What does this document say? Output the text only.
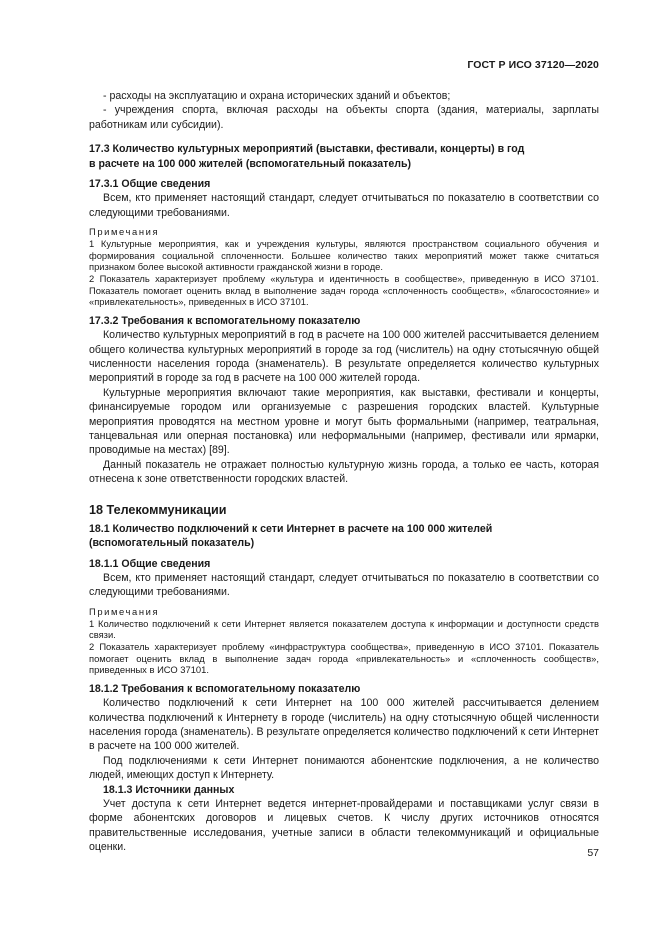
ГОСТ Р ИСО 37120—2020

- расходы на эксплуатацию и охрана исторических зданий и объектов;

- учреждения спорта, включая расходы на объекты спорта (здания, материалы, зарплаты работникам или субсидии).

17.3 Количество культурных мероприятий (выставки, фестивали, концерты) в год
в расчете на 100 000 жителей (вспомогательный показатель)

17.3.1 Общие сведения

Всем, кто применяет настоящий стандарт, следует отчитываться по показателю в соответствии со следующими требованиями.

Примечания

1 Культурные мероприятия, как и учреждения культуры, являются пространством социального обучения и формирования социальной сплоченности. Большее количество таких мероприятий может также считаться признаком более высокой активности гражданской жизни в городе.

2 Показатель характеризует проблему «культура и идентичность в сообществе», приведенную в ИСО 37101. Показатель помогает оценить вклад в выполнение задач города «сплоченность сообществ», «благосостояние» и «привлекательность», приведенных в ИСО 37101.

17.3.2 Требования к вспомогательному показателю

Количество культурных мероприятий в год в расчете на 100 000 жителей рассчитывается делением общего количества культурных мероприятий в городе за год (числитель) на одну стотысячную общей численности населения города (знаменатель). В результате определяется количество культурных мероприятий в городе за год в расчете на 100 000 жителей города.

Культурные мероприятия включают такие мероприятия, как выставки, фестивали и концерты, финансируемые городом или организуемые с разрешения городских властей. Культурные мероприятия проводятся на местном уровне и могут быть формальными (например, театральная, танцевальная или оперная постановка) или неформальными (например, фестивали или ярмарки, проводимые на местах) [89].

Данный показатель не отражает полностью культурную жизнь города, а только ее часть, которая отнесена к зоне ответственности городских властей.

18 Телекоммуникации

18.1 Количество подключений к сети Интернет в расчете на 100 000 жителей
(вспомогательный показатель)

18.1.1 Общие сведения

Всем, кто применяет настоящий стандарт, следует отчитываться по показателю в соответствии со следующими требованиями.

Примечания

1 Количество подключений к сети Интернет является показателем доступа к информации и доступности средств связи.

2 Показатель характеризует проблему «инфраструктура сообщества», приведенную в ИСО 37101. Показатель помогает оценить вклад в выполнение задач города «привлекательность» и «сплоченность сообществ», приведенных в ИСО 37101.

18.1.2 Требования к вспомогательному показателю

Количество подключений к сети Интернет на 100 000 жителей рассчитывается делением количества подключений к Интернету в городе (числитель) на одну стотысячную общей численности населения города (знаменатель). В результате определяется количество подключений к сети Интернет в расчете на 100 000 жителей.

Под подключениями к сети Интернет понимаются абонентские подключения, а не количество людей, имеющих доступ к Интернету.

18.1.3 Источники данных

Учет доступа к сети Интернет ведется интернет-провайдерами и поставщиками услуг связи в форме абонентских договоров и лицевых счетов. К числу других источников относятся правительственные исследования, учетные записи в области телекоммуникаций и официальные оценки.	57
